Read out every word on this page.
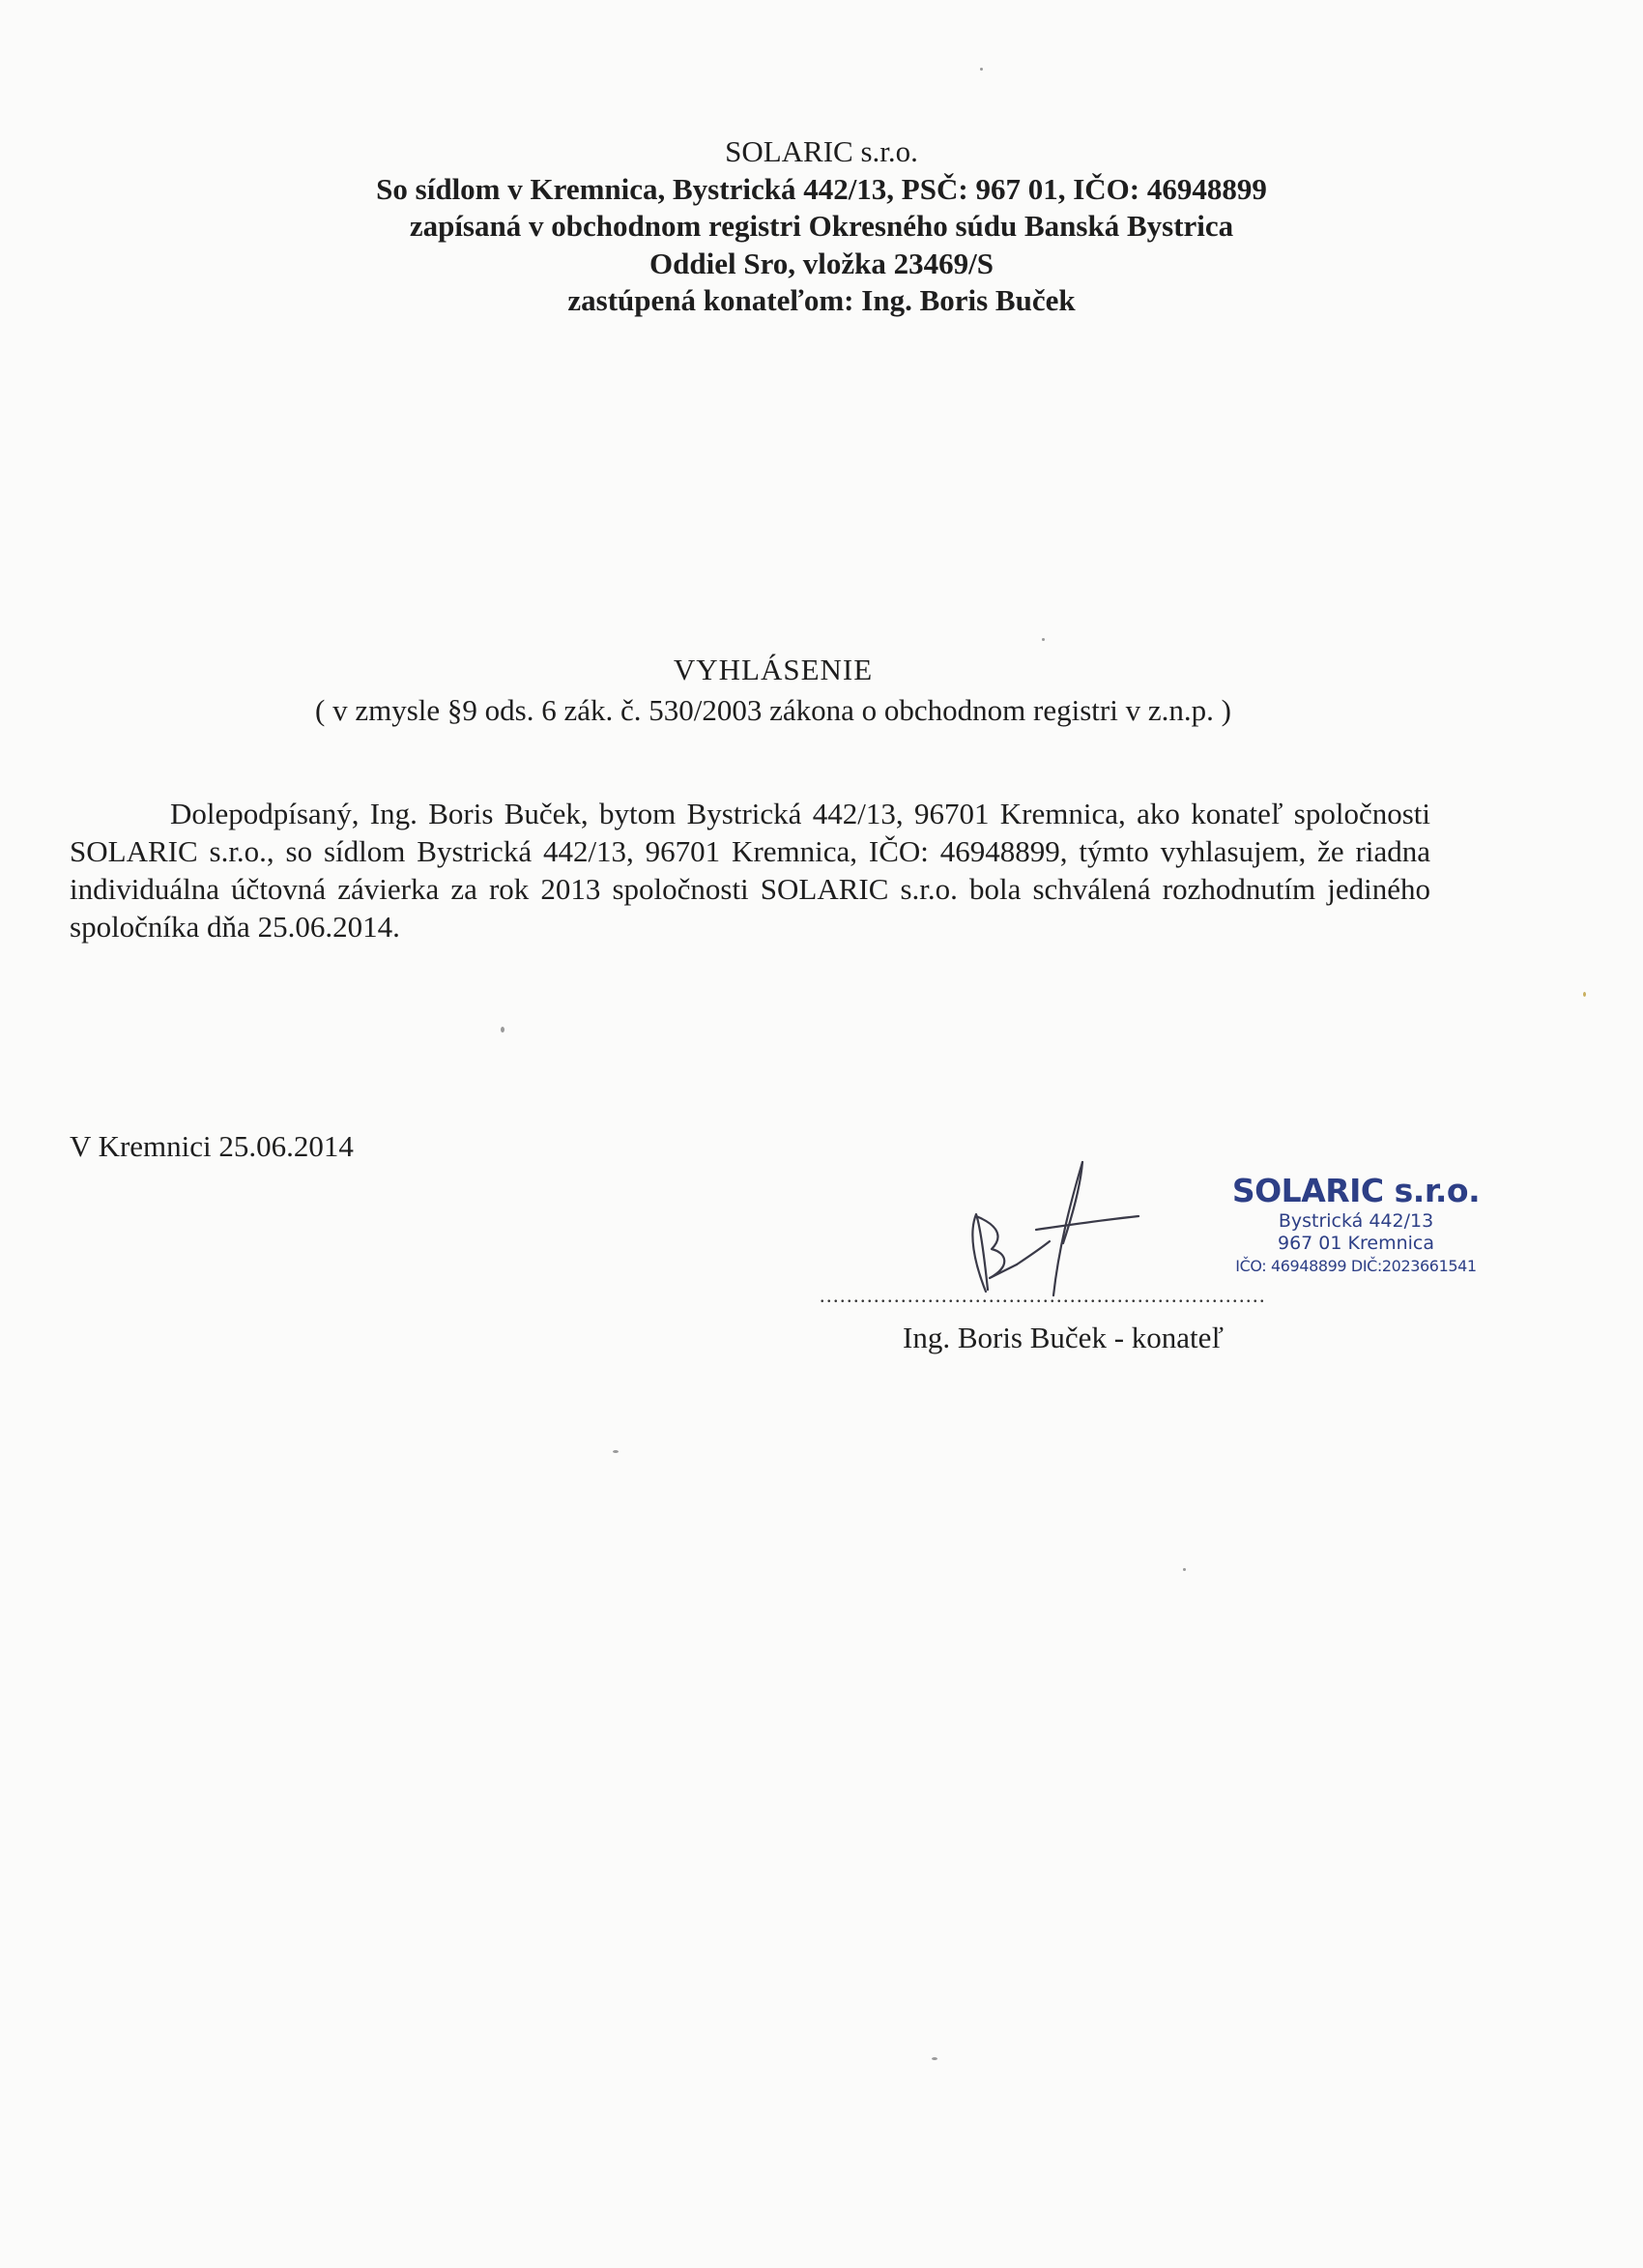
SOLARIC s.r.o.
So sídlom v Kremnica, Bystrická 442/13, PSČ: 967 01, IČO: 46948899
zapísaná v obchodnom registri Okresného súdu Banská Bystrica
Oddiel Sro, vložka 23469/S
zastúpená konateľom: Ing. Boris Buček
VYHLÁSENIE
( v zmysle §9 ods. 6 zák. č. 530/2003 zákona o obchodnom registri v z.n.p. )

Dolepodpísaný, Ing. Boris Buček, bytom Bystrická 442/13, 96701 Kremnica, ako konateľ spoločnosti SOLARIC s.r.o., so sídlom Bystrická 442/13, 96701 Kremnica, IČO: 46948899, týmto vyhlasujem, že riadna individuálna účtovná závierka za rok 2013 spoločnosti SOLARIC s.r.o. bola schválená rozhodnutím jediného spoločníka dňa 25.06.2014.

V Kremnici 25.06.2014
SOLARIC s.r.o.
Bystrická 442/13
967 01 Kremnica
IČO: 46948899 DIČ:2023661541
..................................................................
Ing. Boris Buček - konateľ
